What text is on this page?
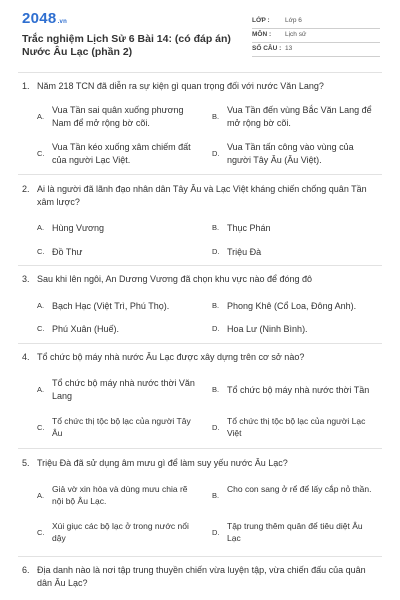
2048.vn
Trắc nghiệm Lịch Sử 6 Bài 14: (có đáp án) Nước Âu Lạc (phần 2)
LỚP : Lớp 6
MÔN : Lịch sử
SỐ CÂU : 13
1. Năm 218 TCN đã diễn ra sự kiện gì quan trọng đối với nước Văn Lang?
A.
Vua Tần sai quân xuống phương Nam để mở rộng bờ cõi.
B.
Vua Tần đến vùng Bắc Văn Lang để mở rộng bờ cõi.
C.
Vua Tần kéo xuống xâm chiếm đất của người Lạc Việt.
D.
Vua Tần tấn công vào vùng của người Tây Âu (Âu Việt).
2. Ai là người đã lãnh đạo nhân dân Tây Âu và Lạc Việt kháng chiến chống quân Tần xâm lược?
A. Hùng Vương	B. Thục Phán
C. Đồ Thư	D. Triệu Đà
3. Sau khi lên ngôi, An Dương Vương đã chọn khu vực nào để đóng đô
A. Bạch Hạc (Việt Trì, Phú Thọ).	B. Phong Khê (Cổ Loa, Đông Anh).
C. Phú Xuân (Huế).	D. Hoa Lư (Ninh Bình).
4. Tổ chức bộ máy nhà nước Âu Lạc được xây dựng trên cơ sở nào?
A.
Tổ chức bộ máy nhà nước thời Văn Lang
B. Tổ chức bộ máy nhà nước thời Tần
C.
Tổ chức thị tộc bộ lạc của người Tây Âu
D.
Tổ chức thị tộc bộ lạc của người Lạc Việt
5. Triệu Đà đã sử dụng âm mưu gì để làm suy yếu nước Âu Lạc?
A.
Giả vờ xin hòa và dùng mưu chia rẽ nội bộ Âu Lạc.
B.
Cho con sang ở rể để lấy cắp nỏ thần.
C.
Xúi giục các bộ lạc ở trong nước nổi dậy
D.
Tập trung thêm quân để tiêu diệt Âu Lạc
6. Địa danh nào là nơi tập trung thuyền chiến vừa luyện tập, vừa chiến đấu của quân dân Âu Lạc?
